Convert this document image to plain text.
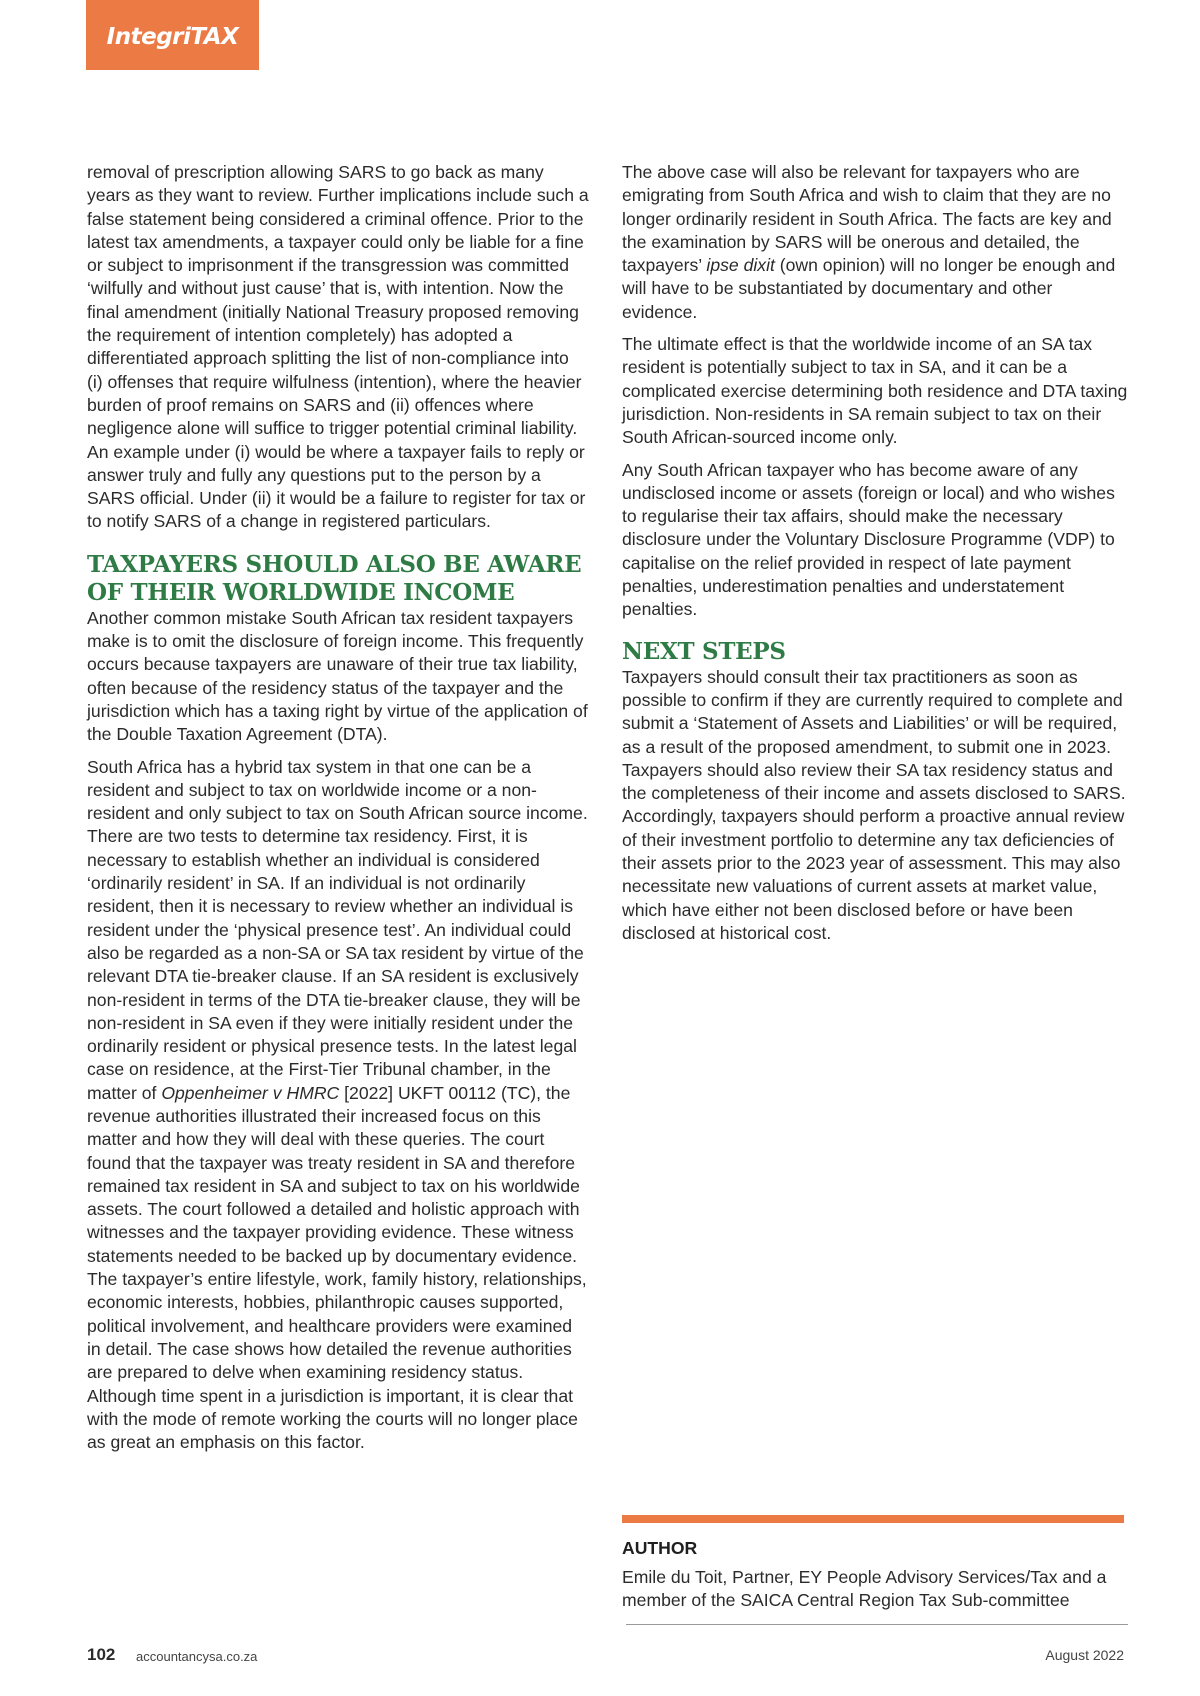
IntegriTAX

removal of prescription allowing SARS to go back as many years as they want to review. Further implications include such a false statement being considered a criminal offence. Prior to the latest tax amendments, a taxpayer could only be liable for a fine or subject to imprisonment if the transgression was committed ‘wilfully and without just cause’ that is, with intention. Now the final amendment (initially National Treasury proposed removing the requirement of intention completely) has adopted a differentiated approach splitting the list of non-compliance into (i) offenses that require wilfulness (intention), where the heavier burden of proof remains on SARS and (ii) offences where negligence alone will suffice to trigger potential criminal liability. An example under (i) would be where a taxpayer fails to reply or answer truly and fully any questions put to the person by a SARS official. Under (ii) it would be a failure to register for tax or to notify SARS of a change in registered particulars.

TAXPAYERS SHOULD ALSO BE AWARE OF THEIR WORLDWIDE INCOME

Another common mistake South African tax resident taxpayers make is to omit the disclosure of foreign income. This frequently occurs because taxpayers are unaware of their true tax liability, often because of the residency status of the taxpayer and the jurisdiction which has a taxing right by virtue of the application of the Double Taxation Agreement (DTA).

South Africa has a hybrid tax system in that one can be a resident and subject to tax on worldwide income or a non-resident and only subject to tax on South African source income. There are two tests to determine tax residency. First, it is necessary to establish whether an individual is considered ‘ordinarily resident’ in SA. If an individual is not ordinarily resident, then it is necessary to review whether an individual is resident under the ‘physical presence test’. An individual could also be regarded as a non-SA or SA tax resident by virtue of the relevant DTA tie-breaker clause. If an SA resident is exclusively non-resident in terms of the DTA tie-breaker clause, they will be non-resident in SA even if they were initially resident under the ordinarily resident or physical presence tests. In the latest legal case on residence, at the First-Tier Tribunal chamber, in the matter of Oppenheimer v HMRC [2022] UKFT 00112 (TC), the revenue authorities illustrated their increased focus on this matter and how they will deal with these queries. The court found that the taxpayer was treaty resident in SA and therefore remained tax resident in SA and subject to tax on his worldwide assets. The court followed a detailed and holistic approach with witnesses and the taxpayer providing evidence. These witness statements needed to be backed up by documentary evidence. The taxpayer’s entire lifestyle, work, family history, relationships, economic interests, hobbies, philanthropic causes supported, political involvement, and healthcare providers were examined in detail. The case shows how detailed the revenue authorities are prepared to delve when examining residency status. Although time spent in a jurisdiction is important, it is clear that with the mode of remote working the courts will no longer place as great an emphasis on this factor.

The above case will also be relevant for taxpayers who are emigrating from South Africa and wish to claim that they are no longer ordinarily resident in South Africa. The facts are key and the examination by SARS will be onerous and detailed, the taxpayers’ ipse dixit (own opinion) will no longer be enough and will have to be substantiated by documentary and other evidence.

The ultimate effect is that the worldwide income of an SA tax resident is potentially subject to tax in SA, and it can be a complicated exercise determining both residence and DTA taxing jurisdiction. Non-residents in SA remain subject to tax on their South African-sourced income only.

Any South African taxpayer who has become aware of any undisclosed income or assets (foreign or local) and who wishes to regularise their tax affairs, should make the necessary disclosure under the Voluntary Disclosure Programme (VDP) to capitalise on the relief provided in respect of late payment penalties, underestimation penalties and understatement penalties.

NEXT STEPS

Taxpayers should consult their tax practitioners as soon as possible to confirm if they are currently required to complete and submit a ‘Statement of Assets and Liabilities’ or will be required, as a result of the proposed amendment, to submit one in 2023. Taxpayers should also review their SA tax residency status and the completeness of their income and assets disclosed to SARS. Accordingly, taxpayers should perform a proactive annual review of their investment portfolio to determine any tax deficiencies of their assets prior to the 2023 year of assessment. This may also necessitate new valuations of current assets at market value, which have either not been disclosed before or have been disclosed at historical cost.

AUTHOR
Emile du Toit, Partner, EY People Advisory Services/Tax and a member of the SAICA Central Region Tax Sub-committee
102 accountancysa.co.za	August 2022
